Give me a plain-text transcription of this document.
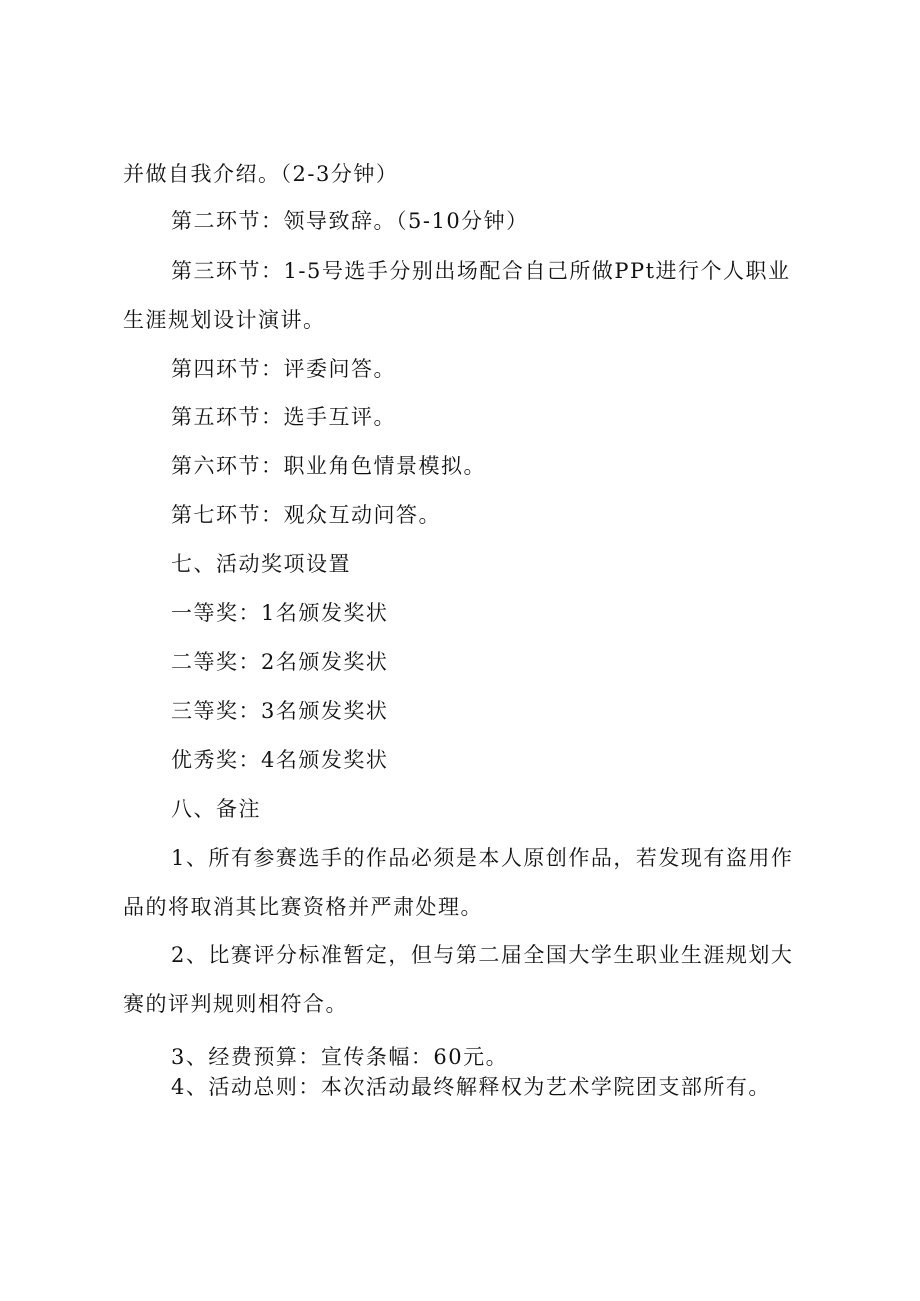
并做自我介绍。（2-3分钟）
第二环节：领导致辞。（5-10分钟）
第三环节：1-5号选手分别出场配合自己所做PPt进行个人职业
生涯规划设计演讲。
第四环节：评委问答。
第五环节：选手互评。
第六环节：职业角色情景模拟。
第七环节：观众互动问答。
七、活动奖项设置
一等奖：1名颁发奖状
二等奖：2名颁发奖状
三等奖：3名颁发奖状
优秀奖：4名颁发奖状
八、备注
1、所有参赛选手的作品必须是本人原创作品，若发现有盗用作
品的将取消其比赛资格并严肃处理。
2、比赛评分标准暂定，但与第二届全国大学生职业生涯规划大
赛的评判规则相符合。
3、经费预算：宣传条幅：60元。
4、活动总则：本次活动最终解释权为艺术学院团支部所有。
